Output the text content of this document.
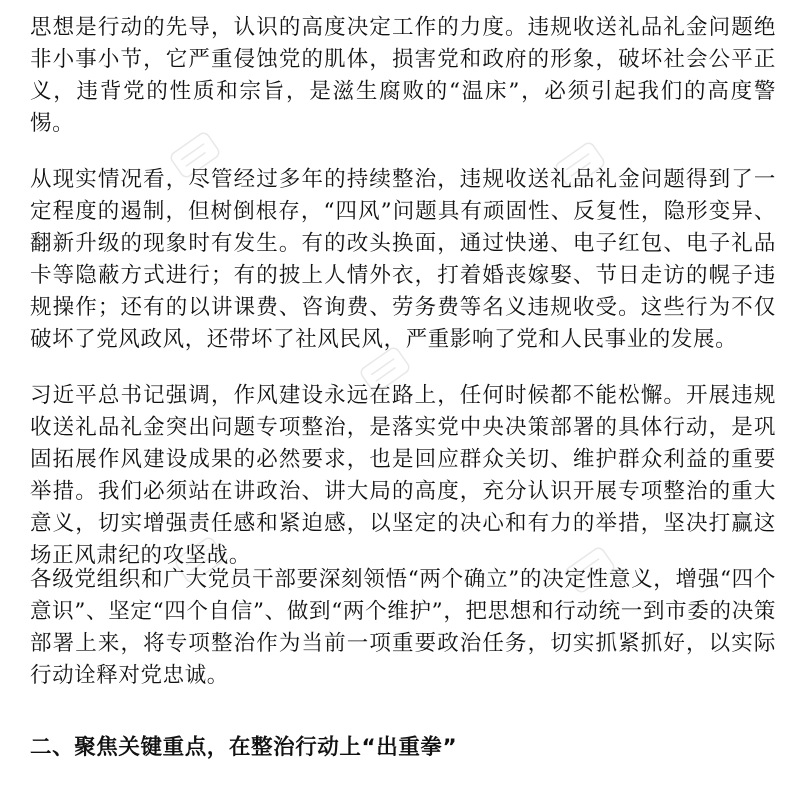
思想是行动的先导，认识的高度决定工作的力度。违规收送礼品礼金问题绝非小事小节，它严重侵蚀党的肌体，损害党和政府的形象，破坏社会公平正义，违背党的性质和宗旨，是滋生腐败的“温床”，必须引起我们的高度警惕。

从现实情况看，尽管经过多年的持续整治，违规收送礼品礼金问题得到了一定程度的遏制，但树倒根存，“四风”问题具有顽固性、反复性，隐形变异、翻新升级的现象时有发生。有的改头换面，通过快递、电子红包、电子礼品卡等隐蔽方式进行；有的披上人情外衣，打着婚丧嫁娶、节日走访的幌子违规操作；还有的以讲课费、咨询费、劳务费等名义违规收受。这些行为不仅破坏了党风政风，还带坏了社风民风，严重影响了党和人民事业的发展。

习近平总书记强调，作风建设永远在路上，任何时候都不能松懈。开展违规收送礼品礼金突出问题专项整治，是落实党中央决策部署的具体行动，是巩固拓展作风建设成果的必然要求，也是回应群众关切、维护群众利益的重要举措。我们必须站在讲政治、讲大局的高度，充分认识开展专项整治的重大意义，切实增强责任感和紧迫感，以坚定的决心和有力的举措，坚决打赢这场正风肃纪的攻坚战。

各级党组织和广大党员干部要深刻领悟“两个确立”的决定性意义，增强“四个意识”、坚定“四个自信”、做到“两个维护”，把思想和行动统一到市委的决策部署上来，将专项整治作为当前一项重要政治任务，切实抓紧抓好，以实际行动诠释对党忠诚。

二、聚焦关键重点，在整治行动上“出重拳”
